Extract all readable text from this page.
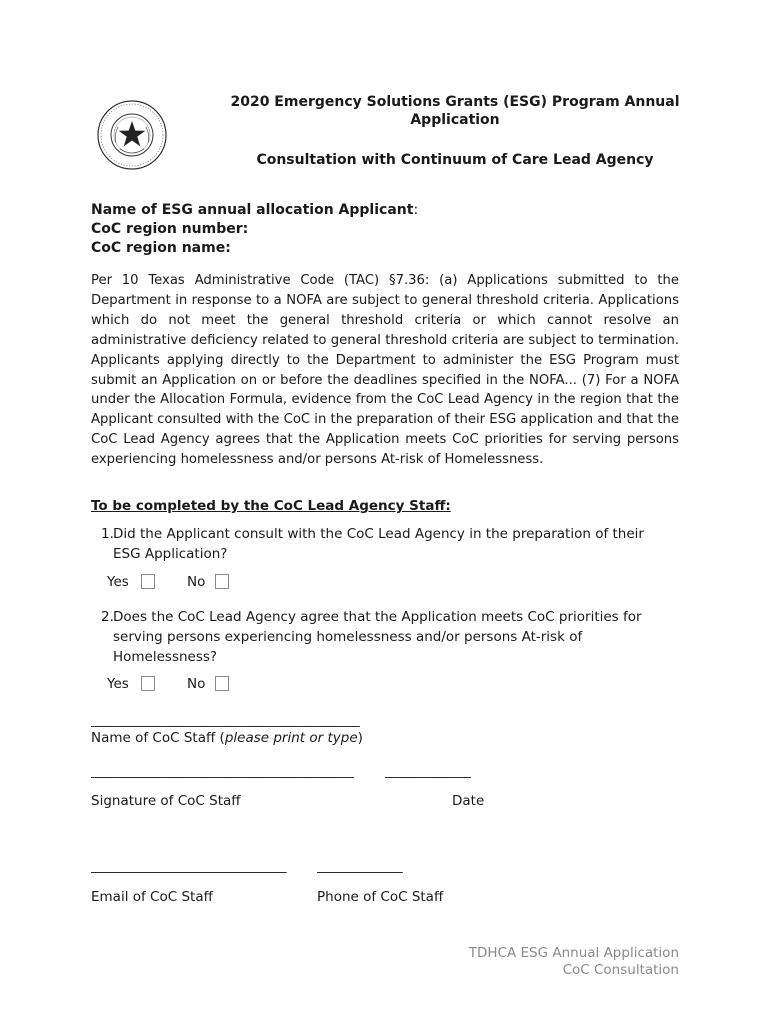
2020 Emergency Solutions Grants (ESG) Program Annual
Application
Consultation with Continuum of Care Lead Agency
Name of ESG annual allocation Applicant:
CoC region number:
CoC region name:
Per 10 Texas Administrative Code (TAC) §7.36: (a) Applications submitted to the Department in response to a NOFA are subject to general threshold criteria. Applications which do not meet the general threshold criteria or which cannot resolve an administrative deficiency related to general threshold criteria are subject to termination. Applicants applying directly to the Department to administer the ESG Program must submit an Application on or before the deadlines specified in the NOFA... (7) For a NOFA under the Allocation Formula, evidence from the CoC Lead Agency in the region that the Applicant consulted with the CoC in the preparation of their ESG application and that the CoC Lead Agency agrees that the Application meets CoC priorities for serving persons experiencing homelessness and/or persons At-risk of Homelessness.
To be completed by the CoC Lead Agency Staff:
1. Did the Applicant consult with the CoC Lead Agency in the preparation of their
ESG Application?
Yes	No
2. Does the CoC Lead Agency agree that the Application meets CoC priorities for
serving persons experiencing homelessness and/or persons At-risk of
Homelessness?
Yes	No
____________________________________________
Name of CoC Staff (please print or type)
___________________________________________	______________
Signature of CoC Staff	Date
________________________________	______________
Email of CoC Staff	Phone of CoC Staff
TDHCA ESG Annual Application
CoC Consultation
